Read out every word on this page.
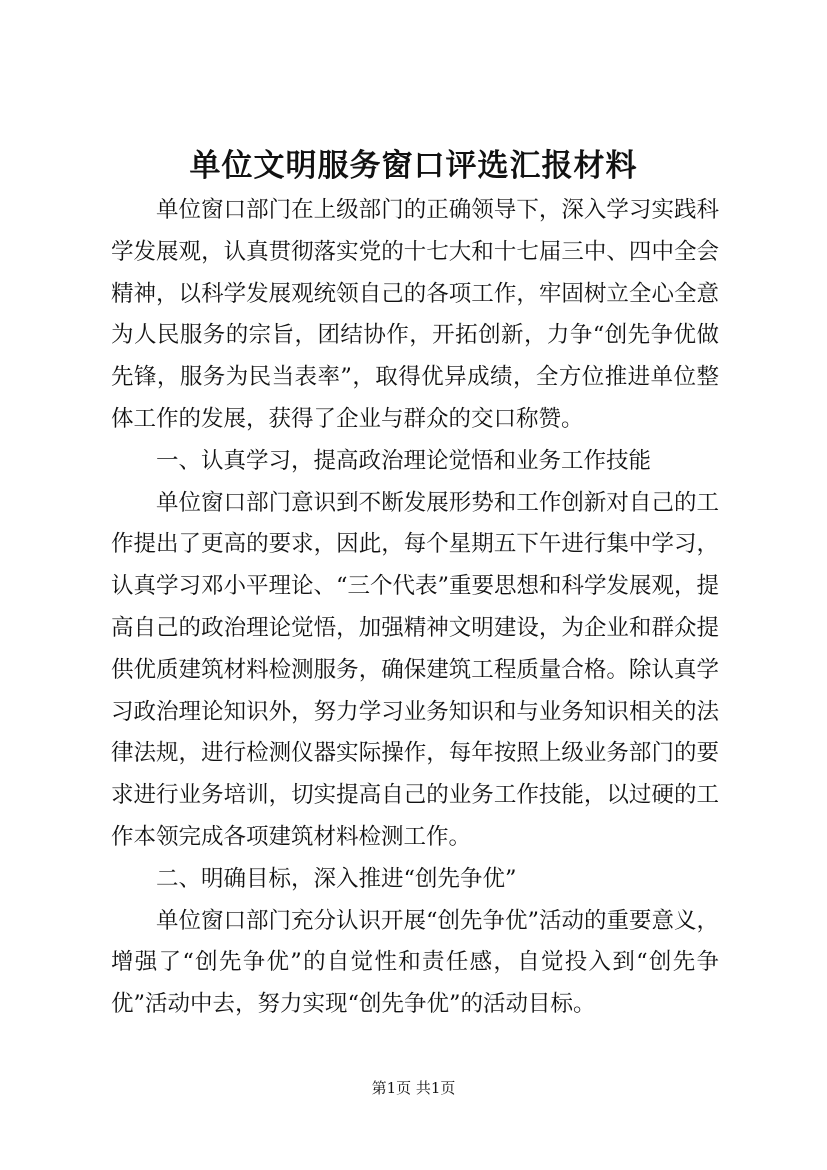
单位文明服务窗口评选汇报材料

单位窗口部门在上级部门的正确领导下，深入学习实践科学发展观，认真贯彻落实党的十七大和十七届三中、四中全会精神，以科学发展观统领自己的各项工作，牢固树立全心全意为人民服务的宗旨，团结协作，开拓创新，力争“创先争优做先锋，服务为民当表率”，取得优异成绩，全方位推进单位整体工作的发展，获得了企业与群众的交口称赞。

一、认真学习，提高政治理论觉悟和业务工作技能

单位窗口部门意识到不断发展形势和工作创新对自己的工作提出了更高的要求，因此，每个星期五下午进行集中学习，认真学习邓小平理论、“三个代表”重要思想和科学发展观，提高自己的政治理论觉悟，加强精神文明建设，为企业和群众提供优质建筑材料检测服务，确保建筑工程质量合格。除认真学习政治理论知识外，努力学习业务知识和与业务知识相关的法律法规，进行检测仪器实际操作，每年按照上级业务部门的要求进行业务培训，切实提高自己的业务工作技能，以过硬的工作本领完成各项建筑材料检测工作。

二、明确目标，深入推进“创先争优”

单位窗口部门充分认识开展“创先争优”活动的重要意义，增强了“创先争优”的自觉性和责任感，自觉投入到“创先争优”活动中去，努力实现“创先争优”的活动目标。

第1页 共1页
